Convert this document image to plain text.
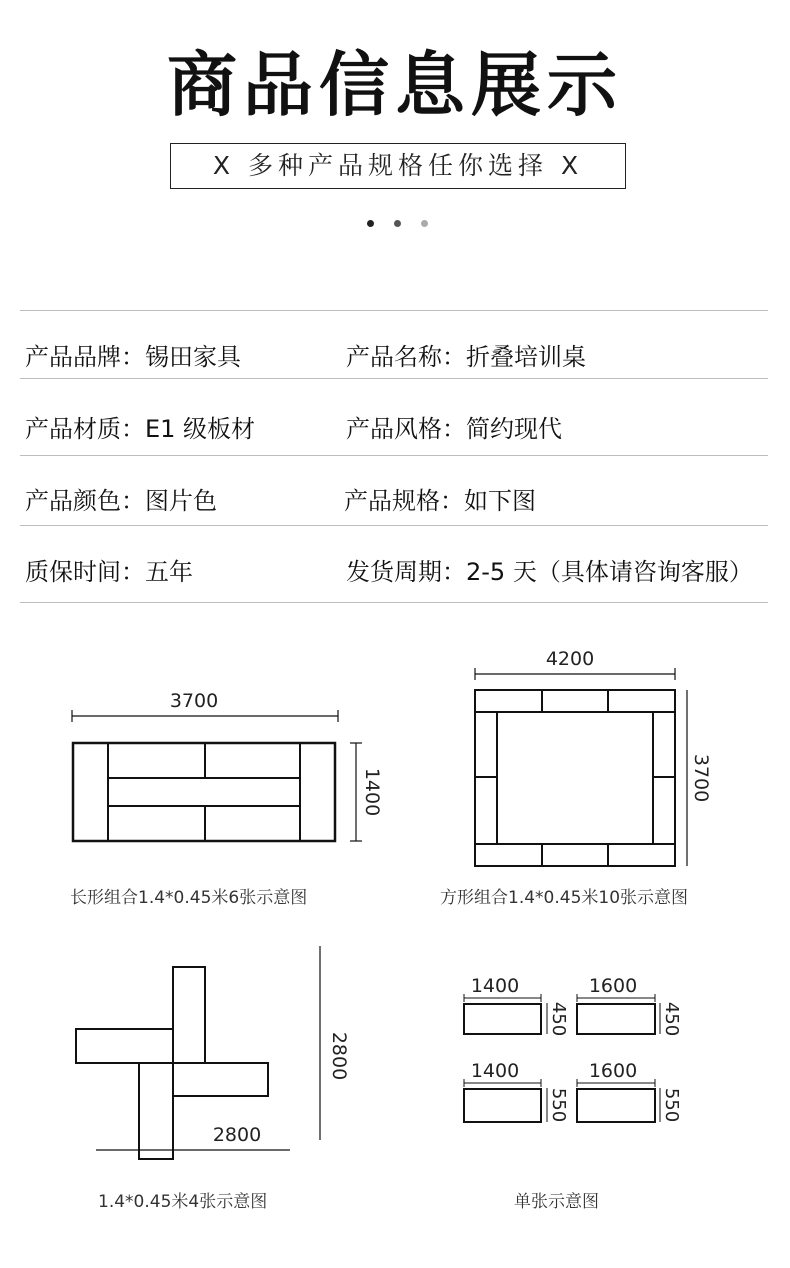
商品信息展示
X 多种产品规格任你选择 X
产品品牌：锡田家具	产品名称：折叠培训桌
产品材质：E1 级板材	产品风格：简约现代
产品颜色：图片色	产品规格：如下图
质保时间：五年	发货周期：2-5 天（具体请咨询客服）
3700
1400
长形组合1.4*0.45米6张示意图
4200
3700
方形组合1.4*0.45米10张示意图
2800
2800
1.4*0.45米4张示意图
1400	1600
1400	1600
450	450
550	550
单张示意图
